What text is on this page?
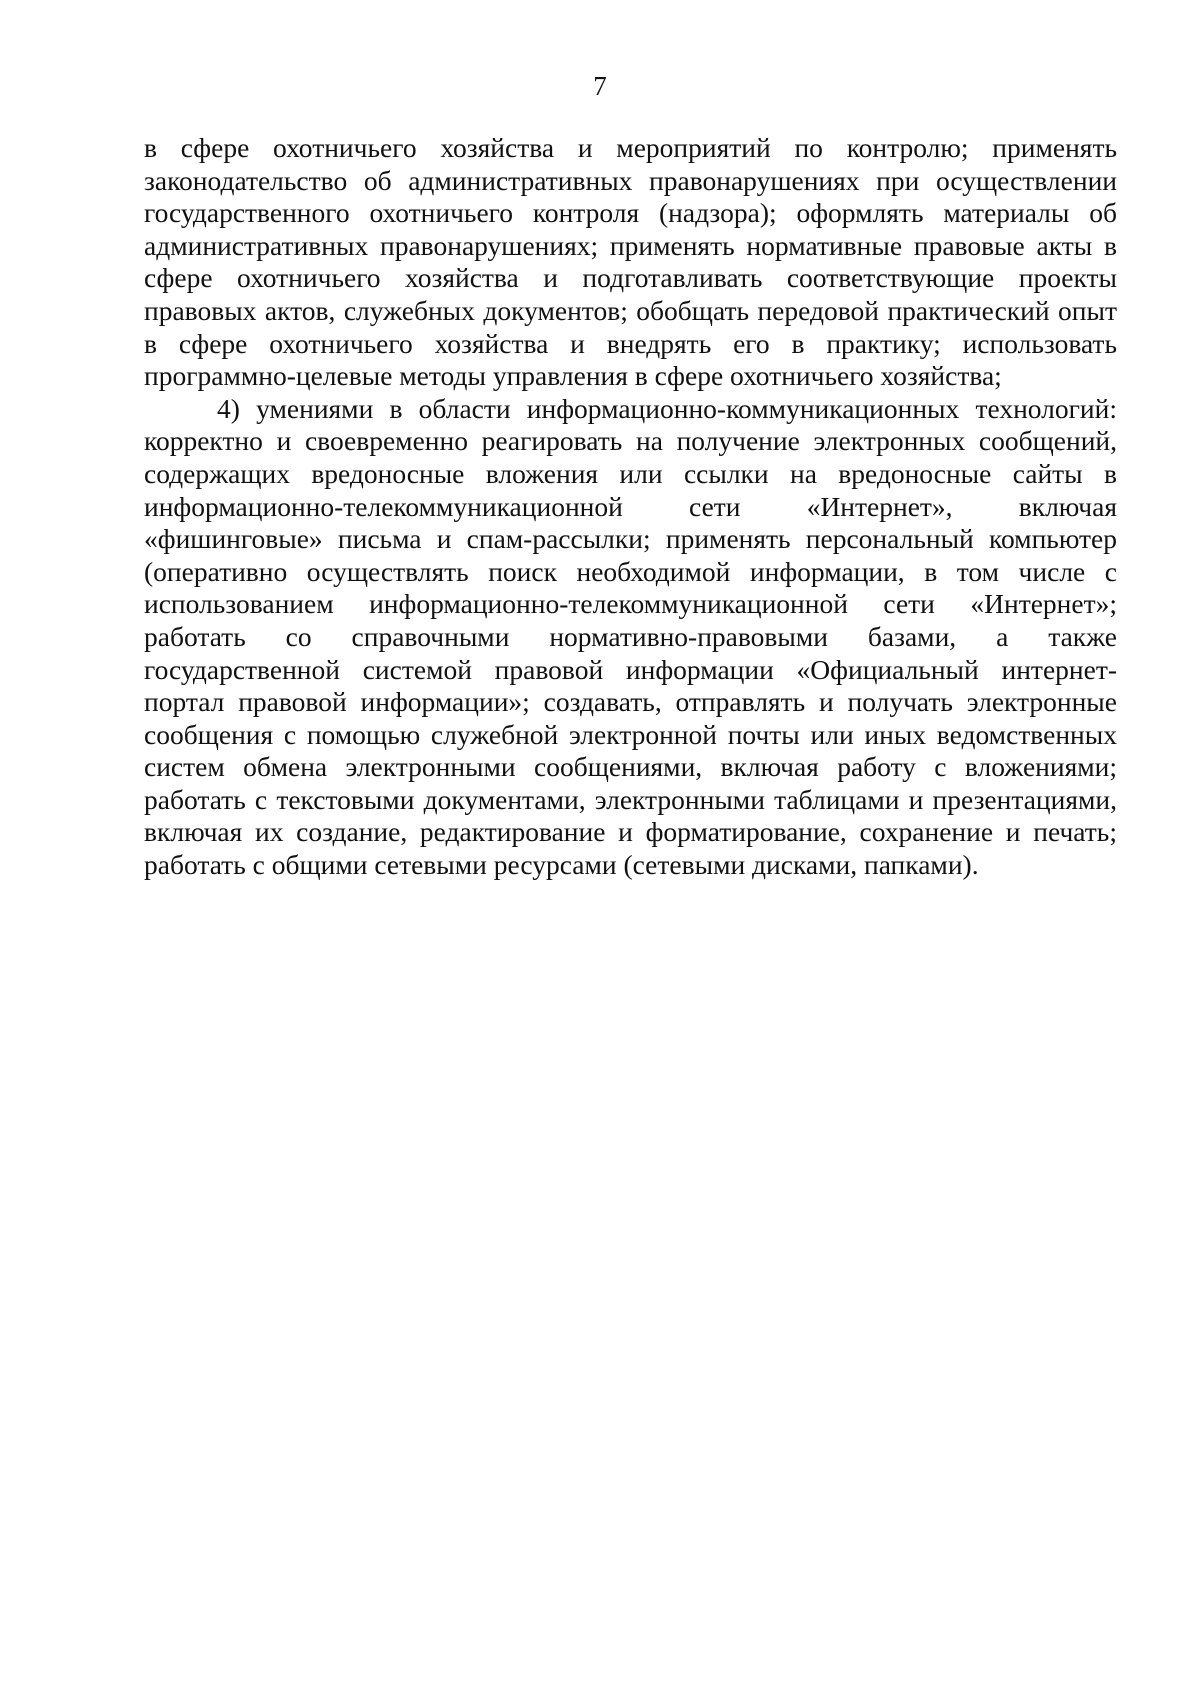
7

в сфере охотничьего хозяйства и мероприятий по контролю; применять законодательство об административных правонарушениях при осуществлении государственного охотничьего контроля (надзора); оформлять материалы об административных правонарушениях; применять нормативные правовые акты в сфере охотничьего хозяйства и подготавливать соответствующие проекты правовых актов, служебных документов; обобщать передовой практический опыт в сфере охотничьего хозяйства и внедрять его в практику; использовать программно-целевые методы управления в сфере охотничьего хозяйства;

4) умениями в области информационно-коммуникационных технологий: корректно и своевременно реагировать на получение электронных сообщений, содержащих вредоносные вложения или ссылки на вредоносные сайты в информационно-телекоммуникационной сети «Интернет», включая «фишинговые» письма и спам-рассылки; применять персональный компьютер (оперативно осуществлять поиск необходимой информации, в том числе с использованием информационно-телекоммуникационной сети «Интернет»; работать со справочными нормативно-правовыми базами, а также государственной системой правовой информации «Официальный интернет-портал правовой информации»; создавать, отправлять и получать электронные сообщения с помощью служебной электронной почты или иных ведомственных систем обмена электронными сообщениями, включая работу с вложениями; работать с текстовыми документами, электронными таблицами и презентациями, включая их создание, редактирование и форматирование, сохранение и печать; работать с общими сетевыми ресурсами (сетевыми дисками, папками).
